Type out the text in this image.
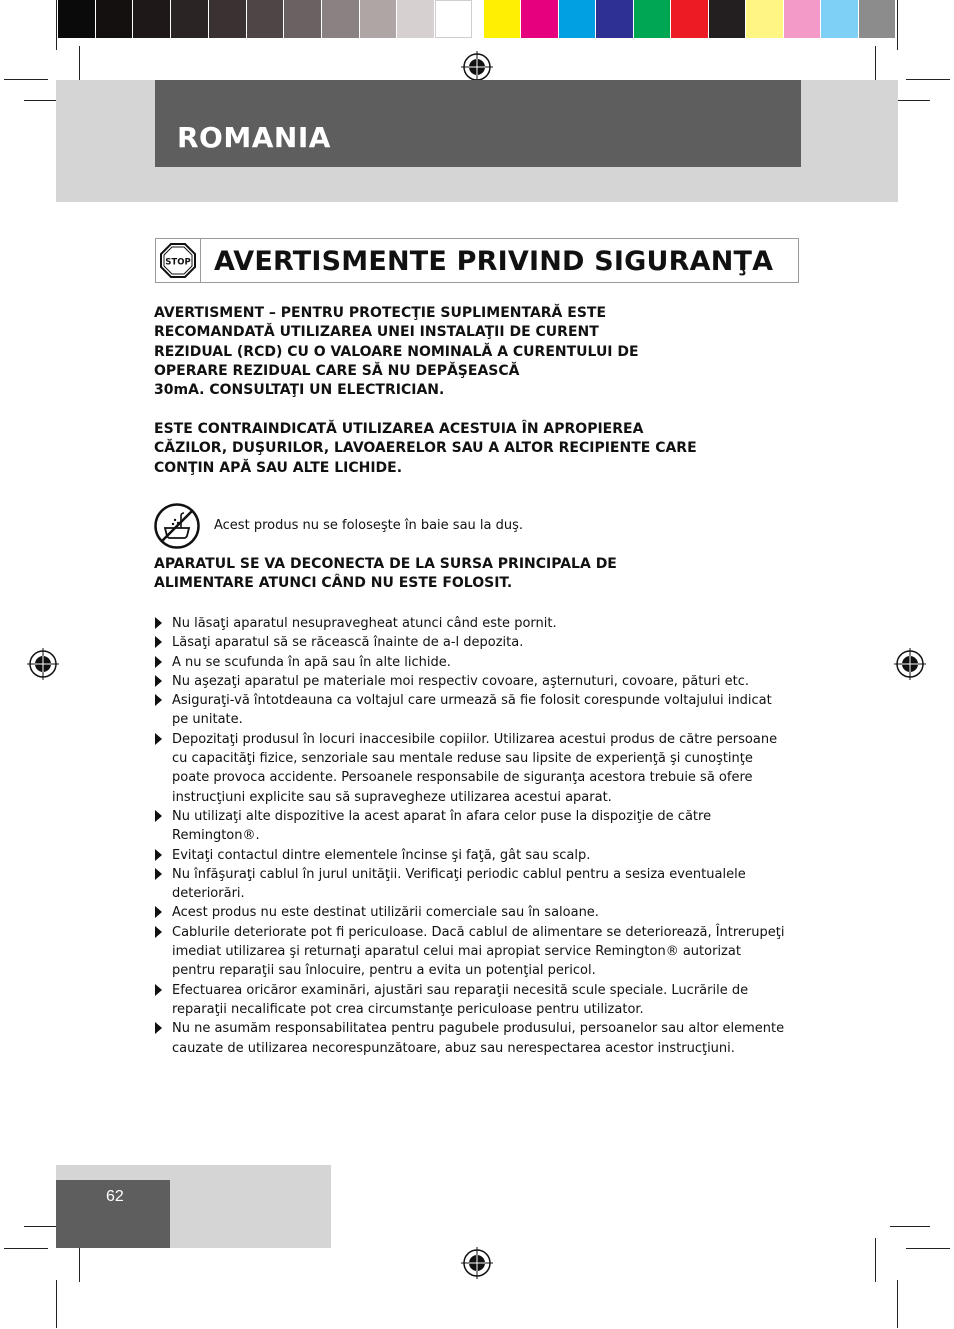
ROMANIA
STOP AVERTISMENTE PRIVIND SIGURANŢA

AVERTISMENT – PENTRU PROTECŢIE SUPLIMENTARĂ ESTE
RECOMANDATĂ UTILIZAREA UNEI INSTALAŢII DE CURENT
REZIDUAL (RCD) CU O VALOARE NOMINALĂ A CURENTULUI DE
OPERARE REZIDUAL CARE SĂ NU DEPĂŞEASCĂ
30mA. CONSULTAŢI UN ELECTRICIAN.

ESTE CONTRAINDICATĂ UTILIZAREA ACESTUIA ÎN APROPIEREA
CĂZILOR, DUŞURILOR, LAVOAERELOR SAU A ALTOR RECIPIENTE CARE
CONŢIN APĂ SAU ALTE LICHIDE.

Acest produs nu se foloseşte în baie sau la duş.

APARATUL SE VA DECONECTA DE LA SURSA PRINCIPALA DE
ALIMENTARE ATUNCI CÂND NU ESTE FOLOSIT.

Nu lăsaţi aparatul nesupravegheat atunci când este pornit.
Lăsaţi aparatul să se răcească înainte de a-l depozita.
A nu se scufunda în apă sau în alte lichide.
Nu aşezaţi aparatul pe materiale moi respectiv covoare, aşternuturi, covoare, pături etc.
Asiguraţi-vă întotdeauna ca voltajul care urmează să fie folosit corespunde voltajului indicat pe unitate.
Depozitaţi produsul în locuri inaccesibile copiilor. Utilizarea acestui produs de către persoane cu capacităţi fizice, senzoriale sau mentale reduse sau lipsite de experienţă şi cunoştinţe poate provoca accidente. Persoanele responsabile de siguranţa acestora trebuie să ofere instrucţiuni explicite sau să supravegheze utilizarea acestui aparat.
Nu utilizaţi alte dispozitive la acest aparat în afara celor puse la dispoziţie de către Remington®.
Evitaţi contactul dintre elementele încinse şi faţă, gât sau scalp.
Nu înfăşuraţi cablul în jurul unităţii. Verificaţi periodic cablul pentru a sesiza eventualele deteriorări.
Acest produs nu este destinat utilizării comerciale sau în saloane.
Cablurile deteriorate pot fi periculoase. Dacă cablul de alimentare se deteriorează, Întrerupeţi imediat utilizarea şi returnaţi aparatul celui mai apropiat service Remington® autorizat pentru reparaţii sau înlocuire, pentru a evita un potenţial pericol.
Efectuarea oricăror examinări, ajustări sau reparaţii necesită scule speciale. Lucrările de reparaţii necalificate pot crea circumstanţe periculoase pentru utilizator.
Nu ne asumăm responsabilitatea pentru pagubele produsului, persoanelor sau altor elemente cauzate de utilizarea necorespunzătoare, abuz sau nerespectarea acestor instrucţiuni.

62
